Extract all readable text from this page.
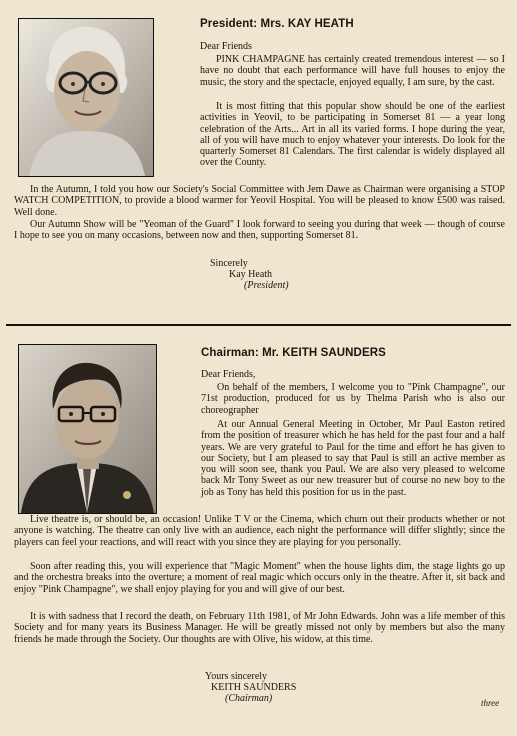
President: Mrs. KAY HEATH
Dear Friends

PINK CHAMPAGNE has certainly created tremendous interest — so I have no doubt that each performance will have full houses to enjoy the music, the story and the spectacle, enjoyed equally, I am sure, by the cast.

It is most fitting that this popular show should be one of the earliest activities in Yeovil, to be participating in Somerset 81 — a year long celebration of the Arts... Art in all its varied forms. I hope during the year, all of you will have much to enjoy whatever your interests. Do look for the quarterly Somerset 81 Calendars. The first calendar is widely displayed all over the County.

In the Autumn, I told you how our Society's Social Committee with Jem Dawe as Chairman were organising a STOP WATCH COMPETITION, to provide a blood warmer for Yeovil Hospital. You will be pleased to know £500 was raised. Well done.

Our Autumn Show will be "Yeoman of the Guard" I look forward to seeing you during that week — though of course I hope to see you on many occasions, between now and then, supporting Somerset 81.

Sincerely
Kay Heath
(President)
Chairman: Mr. KEITH SAUNDERS
Dear Friends,

On behalf of the members, I welcome you to "Pink Champagne", our 71st production, produced for us by Thelma Parish who is also our choreographer

At our Annual General Meeting in October, Mr Paul Easton retired from the position of treasurer which he has held for the past four and a half years. We are very grateful to Paul for the time and effort he has given to our Society, but I am pleased to say that Paul is still an active member as you will soon see, thank you Paul. We are also very pleased to welcome back Mr Tony Sweet as our new treasurer but of course no new boy to the job as Tony has held this position for us in the past.

Live theatre is, or should be, an occasion! Unlike T V or the Cinema, which churn out their products whether or not anyone is watching. The theatre can only live with an audience, each night the performance will differ slightly; since the players can feel your reactions, and will react with you since they are playing for you personally.

Soon after reading this, you will experience that "Magic Moment" when the house lights dim, the stage lights go up and the orchestra breaks into the overture; a moment of real magic which occurs only in the theatre. After it, sit back and enjoy "Pink Champagne", we shall enjoy playing for you and will give of our best.

It is with sadness that I record the death, on February 11th 1981, of Mr John Edwards. John was a life member of this Society and for many years its Business Manager. He will be greatly missed not only by members but also the many friends he made through the Society. Our thoughts are with Olive, his widow, at this time.

Yours sincerely
KEITH SAUNDERS
(Chairman)	three
